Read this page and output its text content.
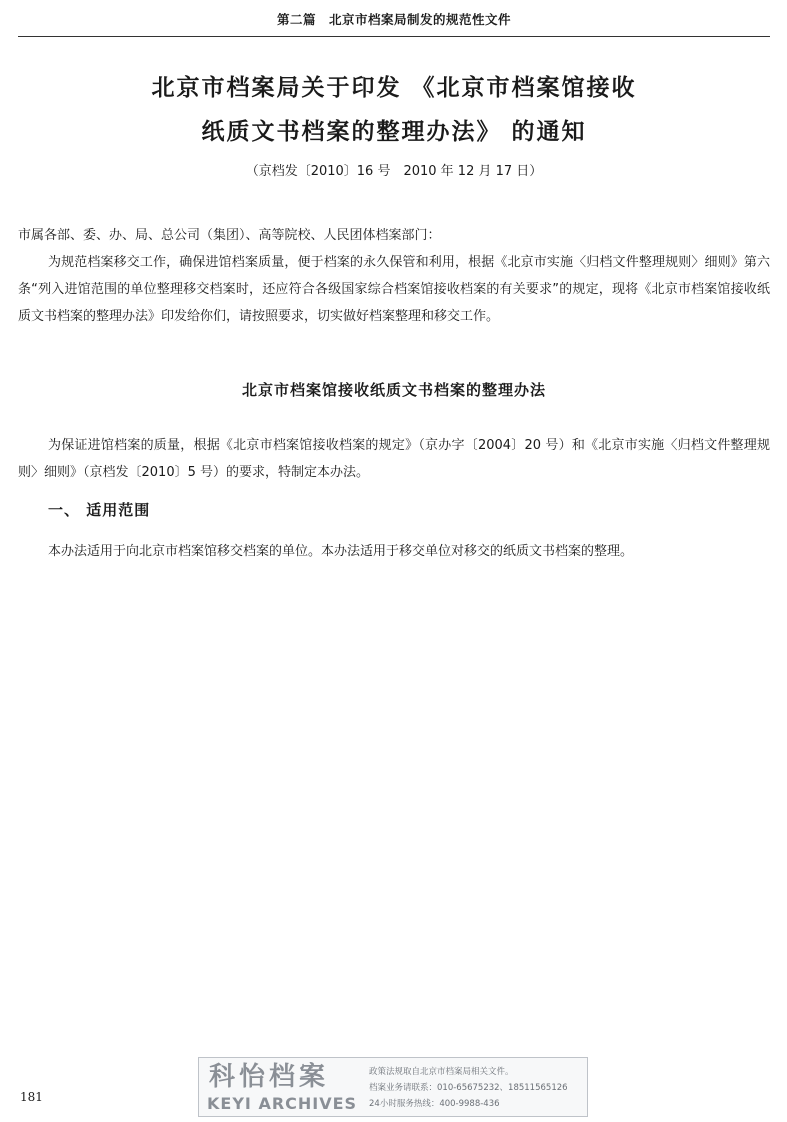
第二篇　北京市档案局制发的规范性文件
北京市档案局关于印发 《北京市档案馆接收
纸质文书档案的整理办法》 的通知
（京档发〔2010〕16 号　2010 年 12 月 17 日）
市属各部、委、办、局、总公司（集团）、高等院校、人民团体档案部门：
为规范档案移交工作，确保进馆档案质量，便于档案的永久保管和利用，根据《北京市实施〈归档文件整理规则〉细则》第六条“列入进馆范围的单位整理移交档案时，还应符合各级国家综合档案馆接收档案的有关要求”的规定，现将《北京市档案馆接收纸质文书档案的整理办法》印发给你们，请按照要求，切实做好档案整理和移交工作。
北京市档案馆接收纸质文书档案的整理办法
为保证进馆档案的质量，根据《北京市档案馆接收档案的规定》（京办字〔2004〕20 号）和《北京市实施〈归档文件整理规则〉细则》（京档发〔2010〕5 号）的要求，特制定本办法。
一、 适用范围
本办法适用于向北京市档案馆移交档案的单位。本办法适用于移交单位对移交的纸质文书档案的整理。
181
科怡档案
KEYI ARCHIVES
政策法规取自北京市档案局相关文件。
档案业务请联系：010-65675232、18511565126
24小时服务热线：400-9988-436
